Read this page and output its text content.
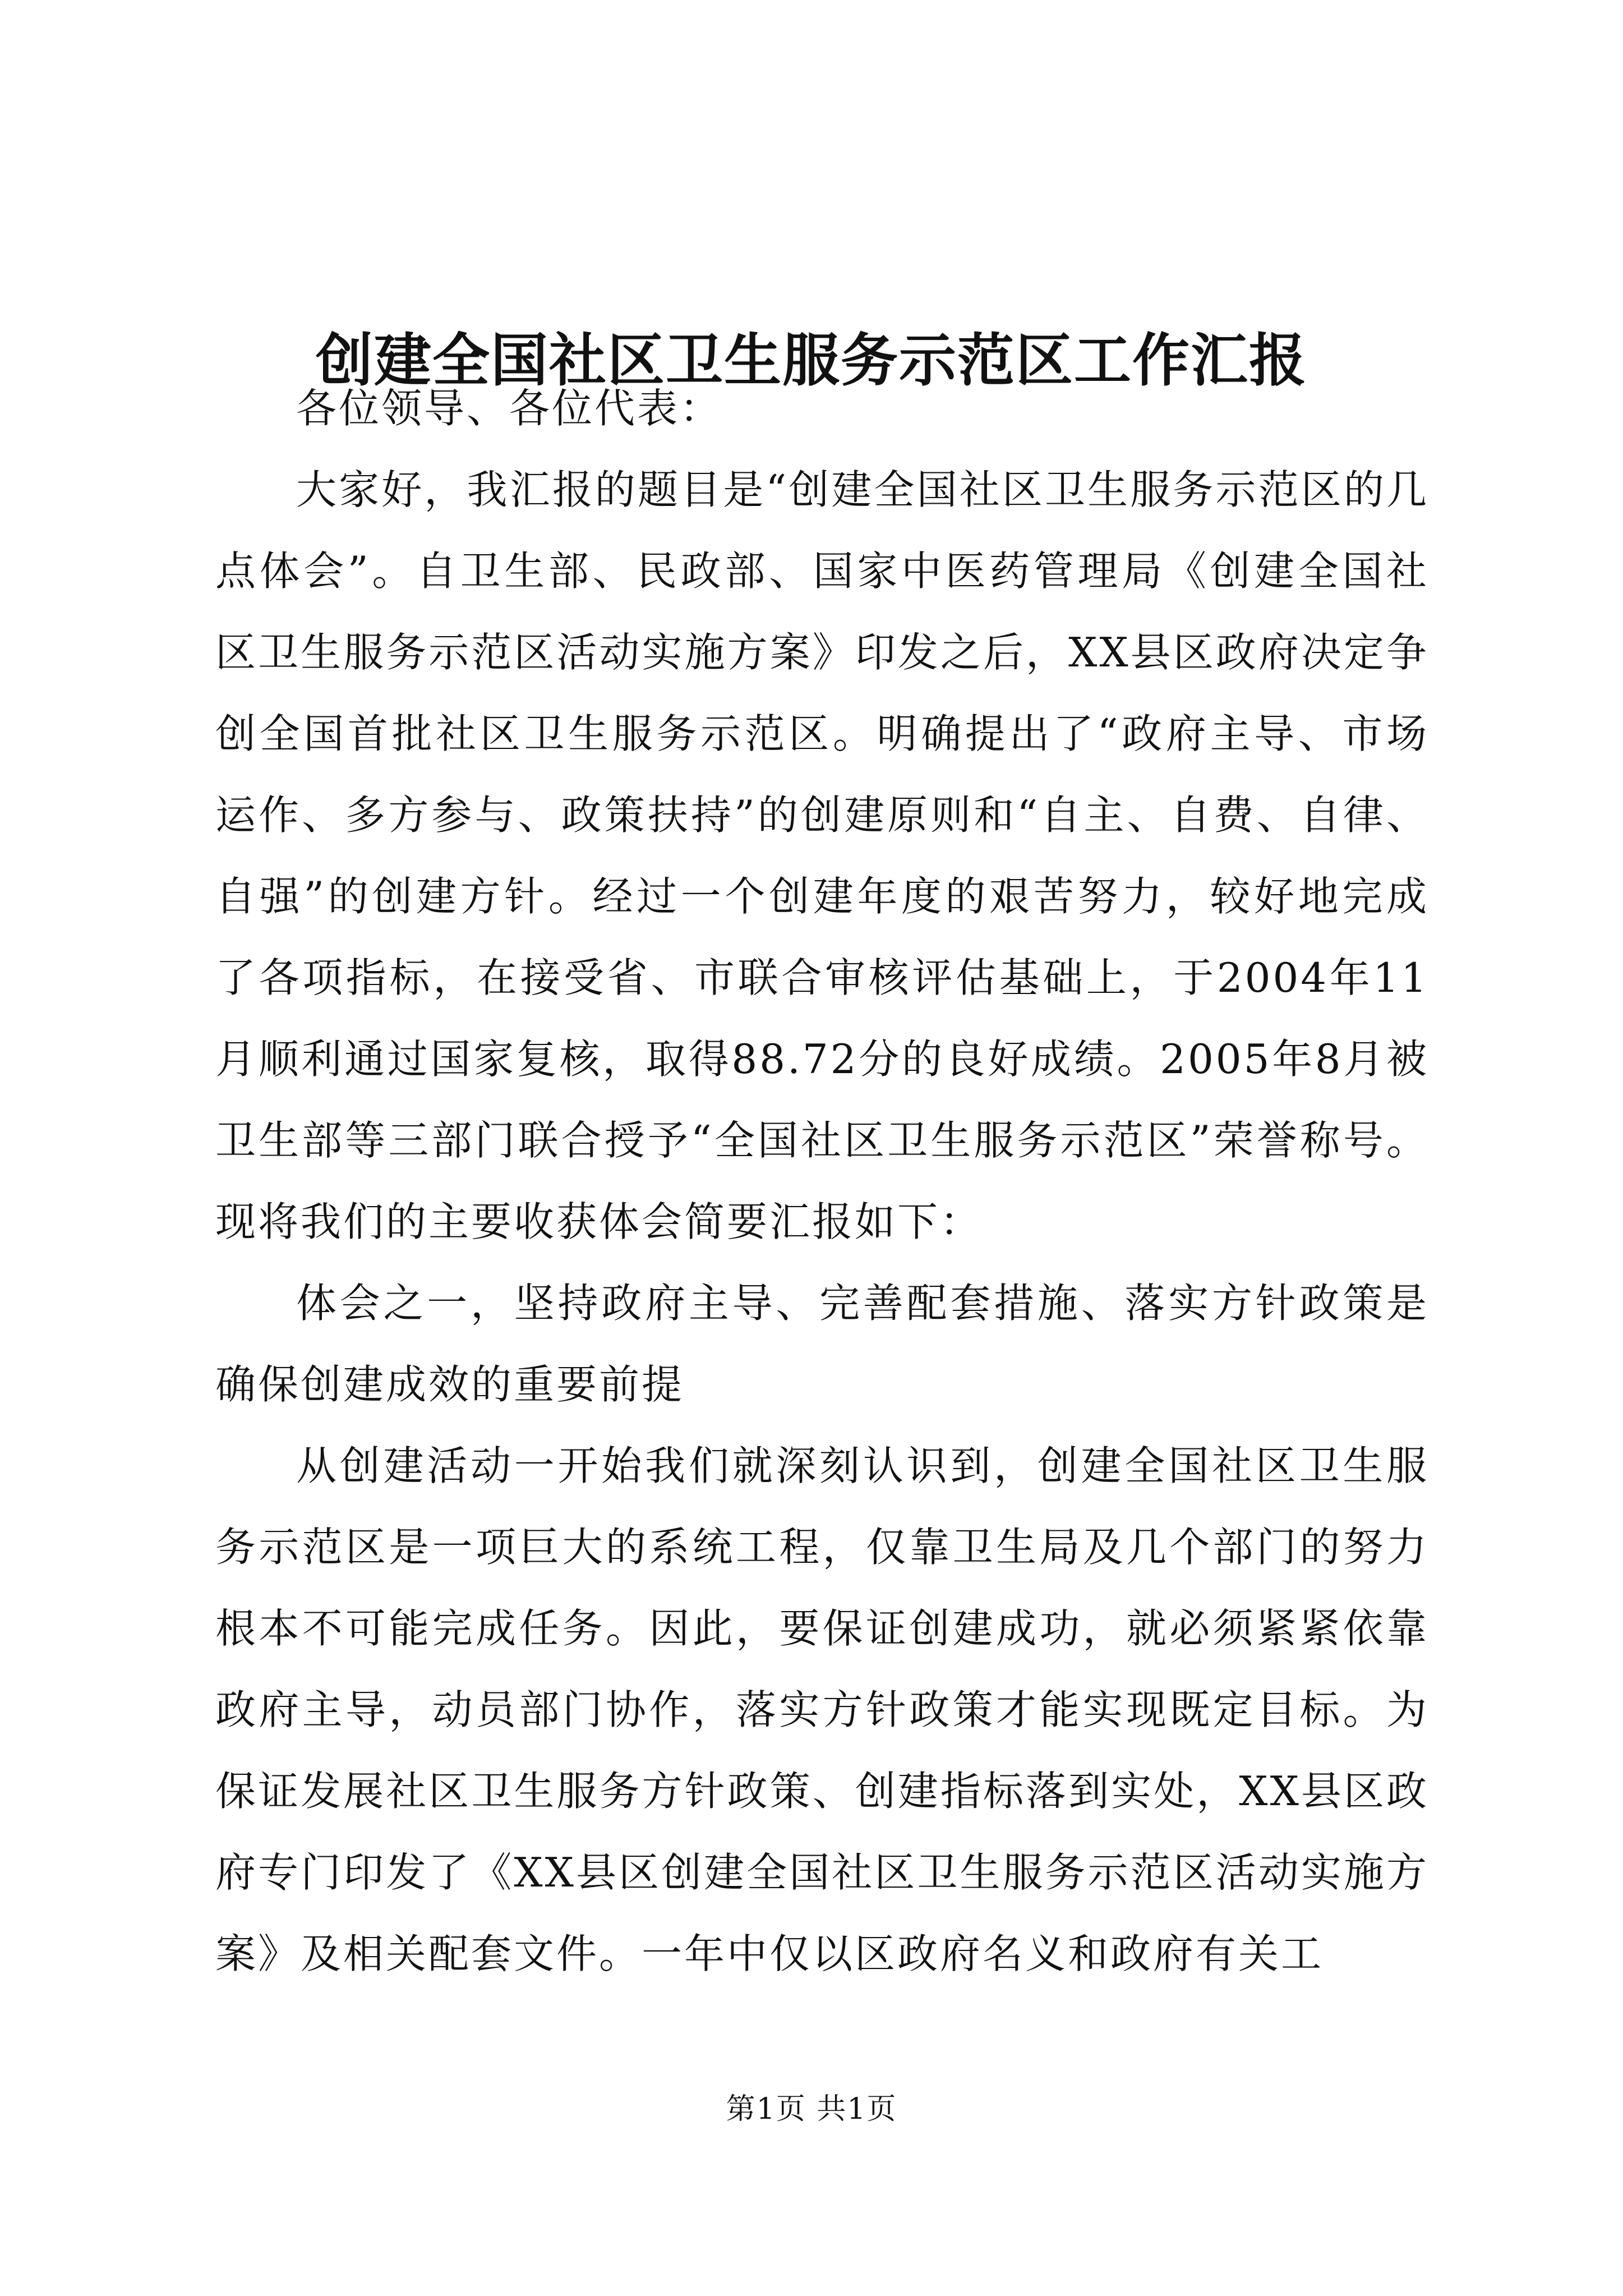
创建全国社区卫生服务示范区工作汇报

各位领导、各位代表：

大家好，我汇报的题目是“创建全国社区卫生服务示范区的几点体会”。自卫生部、民政部、国家中医药管理局《创建全国社区卫生服务示范区活动实施方案》印发之后，XX县区政府决定争创全国首批社区卫生服务示范区。明确提出了“政府主导、市场运作、多方参与、政策扶持”的创建原则和“自主、自费、自律、自强”的创建方针。经过一个创建年度的艰苦努力，较好地完成了各项指标，在接受省、市联合审核评估基础上，于2004年11月顺利通过国家复核，取得88.72分的良好成绩。2005年8月被卫生部等三部门联合授予“全国社区卫生服务示范区”荣誉称号。现将我们的主要收获体会简要汇报如下：

体会之一，坚持政府主导、完善配套措施、落实方针政策是确保创建成效的重要前提

从创建活动一开始我们就深刻认识到，创建全国社区卫生服务示范区是一项巨大的系统工程，仅靠卫生局及几个部门的努力根本不可能完成任务。因此，要保证创建成功，就必须紧紧依靠政府主导，动员部门协作，落实方针政策才能实现既定目标。为保证发展社区卫生服务方针政策、创建指标落到实处，XX县区政府专门印发了《XX县区创建全国社区卫生服务示范区活动实施方案》及相关配套文件。一年中仅以区政府名义和政府有关工

第1页 共1页
